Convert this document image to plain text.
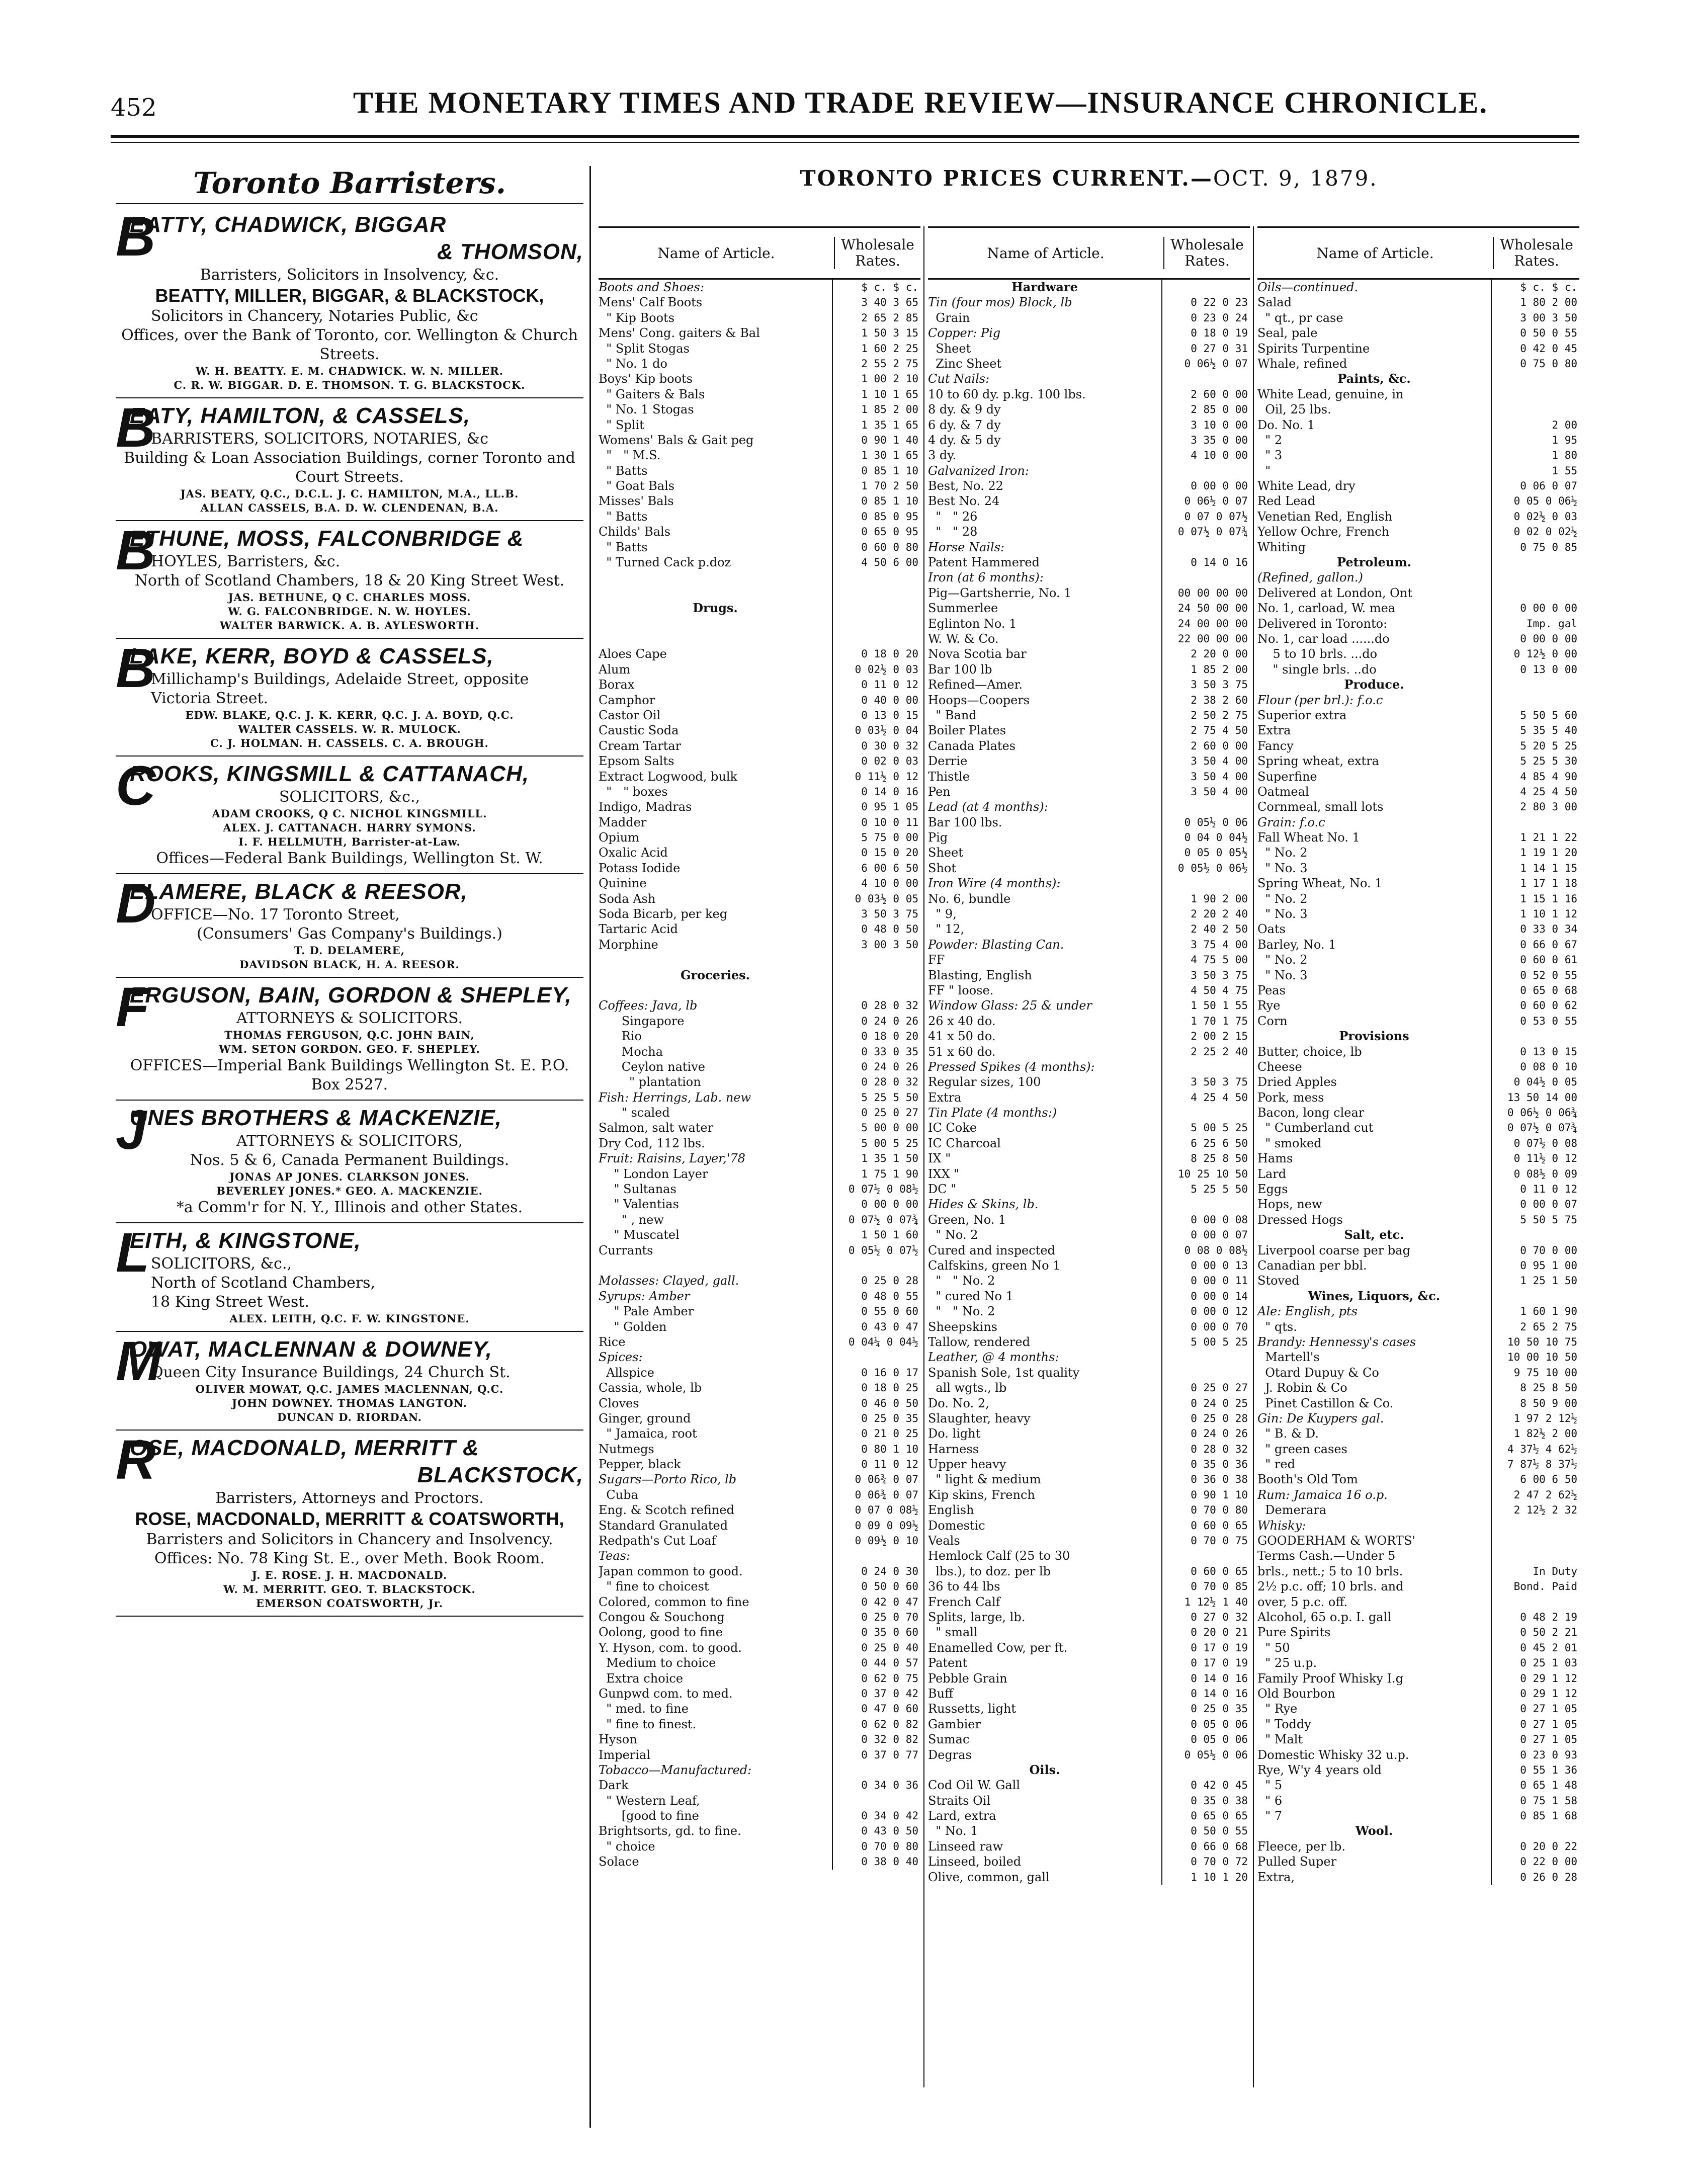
452	THE MONETARY TIMES AND TRADE REVIEW—INSURANCE CHRONICLE.
Toronto Barristers.
B
EATTY, CHADWICK, BIGGAR
& THOMSON,
Barristers, Solicitors in Insolvency, &c.
BEATTY, MILLER, BIGGAR, & BLACKSTOCK,
Solicitors in Chancery, Notaries Public, &c
Offices, over the Bank of Toronto, cor. Wellington & Church Streets.
W. H. BEATTY. E. M. CHADWICK. W. N. MILLER.
C. R. W. BIGGAR. D. E. THOMSON. T. G. BLACKSTOCK.
B
EATY, HAMILTON, & CASSELS,
BARRISTERS, SOLICITORS, NOTARIES, &c
Building & Loan Association Buildings, corner Toronto and Court Streets.
JAS. BEATY, Q.C., D.C.L. J. C. HAMILTON, M.A., LL.B.
ALLAN CASSELS, B.A. D. W. CLENDENAN, B.A.
B
ETHUNE, MOSS, FALCONBRIDGE &
HOYLES, Barristers, &c.
North of Scotland Chambers, 18 & 20 King Street West.
JAS. BETHUNE, Q C. CHARLES MOSS.
W. G. FALCONBRIDGE. N. W. HOYLES.
WALTER BARWICK. A. B. AYLESWORTH.
B
LAKE, KERR, BOYD & CASSELS,
Millichamp's Buildings, Adelaide Street, opposite Victoria Street.
EDW. BLAKE, Q.C. J. K. KERR, Q.C. J. A. BOYD, Q.C.
WALTER CASSELS. W. R. MULOCK.
C. J. HOLMAN. H. CASSELS. C. A. BROUGH.
C
ROOKS, KINGSMILL & CATTANACH,
SOLICITORS, &c.,
ADAM CROOKS, Q C. NICHOL KINGSMILL.
ALEX. J. CATTANACH. HARRY SYMONS.
I. F. HELLMUTH, Barrister-at-Law.
Offices—Federal Bank Buildings, Wellington St. W.
D
ELAMERE, BLACK & REESOR,
OFFICE—No. 17 Toronto Street,
(Consumers' Gas Company's Buildings.)
T. D. DELAMERE,
DAVIDSON BLACK, H. A. REESOR.
F
ERGUSON, BAIN, GORDON & SHEPLEY,
ATTORNEYS & SOLICITORS.
THOMAS FERGUSON, Q.C. JOHN BAIN,
WM. SETON GORDON. GEO. F. SHEPLEY.
OFFICES—Imperial Bank Buildings Wellington St. E. P.O. Box 2527.
J
ONES BROTHERS & MACKENZIE,
ATTORNEYS & SOLICITORS,
Nos. 5 & 6, Canada Permanent Buildings.
JONAS AP JONES. CLARKSON JONES.
BEVERLEY JONES.* GEO. A. MACKENZIE.
*a Comm'r for N. Y., Illinois and other States.
L
EITH, & KINGSTONE,
SOLICITORS, &c.,
North of Scotland Chambers,
18 King Street West.
ALEX. LEITH, Q.C. F. W. KINGSTONE.
M
OWAT, MACLENNAN & DOWNEY,
Queen City Insurance Buildings, 24 Church St.
OLIVER MOWAT, Q.C. JAMES MACLENNAN, Q.C.
JOHN DOWNEY. THOMAS LANGTON.
DUNCAN D. RIORDAN.
R
OSE, MACDONALD, MERRITT &
BLACKSTOCK,
Barristers, Attorneys and Proctors.
ROSE, MACDONALD, MERRITT & COATSWORTH,
Barristers and Solicitors in Chancery and Insolvency.
Offices: No. 78 King St. E., over Meth. Book Room.
J. E. ROSE. J. H. MACDONALD.
W. M. MERRITT. GEO. T. BLACKSTOCK.
EMERSON COATSWORTH, Jr.
TORONTO PRICES CURRENT.—OCT. 9, 1879.
Name of Article.	Wholesale Rates.
Boots and Shoes:	$ c. $ c.
Mens' Calf Boots	3 40 3 65
" Kip Boots	2 65 2 85
Mens' Cong. gaiters & Bal	1 50 3 15
" Split Stogas	1 60 2 25
" No. 1 do	2 55 2 75
Boys' Kip boots	1 00 2 10
" Gaiters & Bals	1 10 1 65
" No. 1 Stogas	1 85 2 00
" Split	1 35 1 65
Womens' Bals & Gait peg	0 90 1 40
"   " M.S.	1 30 1 65
" Batts	0 85 1 10
" Goat Bals	1 70 2 50
Misses' Bals	0 85 1 10
" Batts	0 85 0 95
Childs' Bals	0 65 0 95
" Batts	0 60 0 80
" Turned Cack p.doz	4 50 6 00
Drugs.
Aloes Cape	0 18 0 20
Alum	0 02½ 0 03
Borax	0 11 0 12
Camphor	0 40 0 00
Castor Oil	0 13 0 15
Caustic Soda	0 03½ 0 04
Cream Tartar	0 30 0 32
Epsom Salts	0 02 0 03
Extract Logwood, bulk	0 11½ 0 12
"   " boxes	0 14 0 16
Indigo, Madras	0 95 1 05
Madder	0 10 0 11
Opium	5 75 0 00
Oxalic Acid	0 15 0 20
Potass Iodide	6 00 6 50
Quinine	4 10 0 00
Soda Ash	0 03½ 0 05
Soda Bicarb, per keg	3 50 3 75
Tartaric Acid	0 48 0 50
Morphine	3 00 3 50
Groceries.
Coffees: Java, lb	0 28 0 32
Singapore	0 24 0 26
Rio	0 18 0 20
Mocha	0 33 0 35
Ceylon native	0 24 0 26
" plantation	0 28 0 32
Fish: Herrings, Lab. new	5 25 5 50
" scaled	0 25 0 27
Salmon, salt water	5 00 0 00
Dry Cod, 112 lbs.	5 00 5 25
Fruit: Raisins, Layer,'78	1 35 1 50
" London Layer	1 75 1 90
" Sultanas	0 07½ 0 08½
" Valentias	0 00 0 00
" , new	0 07½ 0 07¾
" Muscatel	1 50 1 60
Currants	0 05½ 0 07½
Molasses: Clayed, gall.	0 25 0 28
Syrups: Amber	0 48 0 55
" Pale Amber	0 55 0 60
" Golden	0 43 0 47
Rice	0 04¼ 0 04½
Spices:
Allspice	0 16 0 17
Cassia, whole, lb	0 18 0 25
Cloves	0 46 0 50
Ginger, ground	0 25 0 35
" Jamaica, root	0 21 0 25
Nutmegs	0 80 1 10
Pepper, black	0 11 0 12
Sugars—Porto Rico, lb	0 06¾ 0 07
Cuba	0 06¾ 0 07
Eng. & Scotch refined	0 07 0 08½
Standard Granulated	0 09 0 09½
Redpath's Cut Loaf	0 09½ 0 10
Teas:
Japan common to good.	0 24 0 30
" fine to choicest	0 50 0 60
Colored, common to fine	0 42 0 47
Congou & Souchong	0 25 0 70
Oolong, good to fine	0 35 0 60
Y. Hyson, com. to good.	0 25 0 40
Medium to choice	0 44 0 57
Extra choice	0 62 0 75
Gunpwd com. to med.	0 37 0 42
" med. to fine	0 47 0 60
" fine to finest.	0 62 0 82
Hyson	0 32 0 82
Imperial	0 37 0 77
Tobacco—Manufactured:
Dark	0 34 0 36
" Western Leaf,
[good to fine	0 34 0 42
Brightsorts, gd. to fine.	0 43 0 50
" choice	0 70 0 80
Solace	0 38 0 40
Name of Article.	Wholesale Rates.
Hardware
Tin (four mos) Block, lb	0 22 0 23
Grain	0 23 0 24
Copper: Pig	0 18 0 19
Sheet	0 27 0 31
Zinc Sheet	0 06½ 0 07
Cut Nails:
10 to 60 dy. p.kg. 100 lbs.	2 60 0 00
8 dy. & 9 dy	2 85 0 00
6 dy. & 7 dy	3 10 0 00
4 dy. & 5 dy	3 35 0 00
3 dy.	4 10 0 00
Galvanized Iron:
Best, No. 22	0 00 0 00
Best No. 24	0 06½ 0 07
"   " 26	0 07 0 07½
"   " 28	0 07½ 0 07¾
Horse Nails:
Patent Hammered	0 14 0 16
Iron (at 6 months):
Pig—Gartsherrie, No. 1	00 00 00 00
Summerlee	24 50 00 00
Eglinton No. 1	24 00 00 00
W. W. & Co.	22 00 00 00
Nova Scotia bar	2 20 0 00
Bar 100 lb	1 85 2 00
Refined—Amer.	3 50 3 75
Hoops—Coopers	2 38 2 60
" Band	2 50 2 75
Boiler Plates	2 75 4 50
Canada Plates	2 60 0 00
Derrie	3 50 4 00
Thistle	3 50 4 00
Pen	3 50 4 00
Lead (at 4 months):
Bar 100 lbs.	0 05½ 0 06
Pig	0 04 0 04½
Sheet	0 05 0 05½
Shot	0 05½ 0 06½
Iron Wire (4 months):
No. 6, bundle	1 90 2 00
" 9,	2 20 2 40
" 12,	2 40 2 50
Powder: Blasting Can.	3 75 4 00
FF	4 75 5 00
Blasting, English	3 50 3 75
FF " loose.	4 50 4 75
Window Glass: 25 & under	1 50 1 55
26 x 40 do.	1 70 1 75
41 x 50 do.	2 00 2 15
51 x 60 do.	2 25 2 40
Pressed Spikes (4 months):
Regular sizes, 100	3 50 3 75
Extra	4 25 4 50
Tin Plate (4 months:)
IC Coke	5 00 5 25
IC Charcoal	6 25 6 50
IX "	8 25 8 50
IXX "	10 25 10 50
DC "	5 25 5 50
Hides & Skins, lb.
Green, No. 1	0 00 0 08
" No. 2	0 00 0 07
Cured and inspected	0 08 0 08½
Calfskins, green No 1	0 00 0 13
"   " No. 2	0 00 0 11
" cured No 1	0 00 0 14
"   " No. 2	0 00 0 12
Sheepskins	0 00 0 70
Tallow, rendered	5 00 5 25
Leather, @ 4 months:
Spanish Sole, 1st quality
all wgts., lb	0 25 0 27
Do. No. 2,	0 24 0 25
Slaughter, heavy	0 25 0 28
Do. light	0 24 0 26
Harness	0 28 0 32
Upper heavy	0 35 0 36
" light & medium	0 36 0 38
Kip skins, French	0 90 1 10
English	0 70 0 80
Domestic	0 60 0 65
Veals	0 70 0 75
Hemlock Calf (25 to 30
lbs.), to doz. per lb	0 60 0 65
36 to 44 lbs	0 70 0 85
French Calf	1 12½ 1 40
Splits, large, lb.	0 27 0 32
" small	0 20 0 21
Enamelled Cow, per ft.	0 17 0 19
Patent	0 17 0 19
Pebble Grain	0 14 0 16
Buff	0 14 0 16
Russetts, light	0 25 0 35
Gambier	0 05 0 06
Sumac	0 05 0 06
Degras	0 05½ 0 06
Oils.
Cod Oil W. Gall	0 42 0 45
Straits Oil	0 35 0 38
Lard, extra	0 65 0 65
" No. 1	0 50 0 55
Linseed raw	0 66 0 68
Linseed, boiled	0 70 0 72
Olive, common, gall	1 10 1 20
Name of Article.	Wholesale Rates.
Oils—continued.	$ c. $ c.
Salad	1 80 2 00
" qt., pr case	3 00 3 50
Seal, pale	0 50 0 55
Spirits Turpentine	0 42 0 45
Whale, refined	0 75 0 80
Paints, &c.
White Lead, genuine, in
Oil, 25 lbs.
Do. No. 1	2 00
" 2	1 95
" 3	1 80
"	1 55
White Lead, dry	0 06 0 07
Red Lead	0 05 0 06½
Venetian Red, English	0 02½ 0 03
Yellow Ochre, French	0 02 0 02½
Whiting	0 75 0 85
Petroleum.
(Refined, gallon.)
Delivered at London, Ont
No. 1, carload, W. mea	0 00 0 00
Delivered in Toronto:	Imp. gal
No. 1, car load ......do	0 00 0 00
5 to 10 brls. ...do	0 12½ 0 00
" single brls. ..do	0 13 0 00
Produce.
Flour (per brl.): f.o.c
Superior extra	5 50 5 60
Extra	5 35 5 40
Fancy	5 20 5 25
Spring wheat, extra	5 25 5 30
Superfine	4 85 4 90
Oatmeal	4 25 4 50
Cornmeal, small lots	2 80 3 00
Grain: f.o.c
Fall Wheat No. 1	1 21 1 22
" No. 2	1 19 1 20
" No. 3	1 14 1 15
Spring Wheat, No. 1	1 17 1 18
" No. 2	1 15 1 16
" No. 3	1 10 1 12
Oats	0 33 0 34
Barley, No. 1	0 66 0 67
" No. 2	0 60 0 61
" No. 3	0 52 0 55
Peas	0 65 0 68
Rye	0 60 0 62
Corn	0 53 0 55
Provisions
Butter, choice, lb	0 13 0 15
Cheese	0 08 0 10
Dried Apples	0 04½ 0 05
Pork, mess	13 50 14 00
Bacon, long clear	0 06½ 0 06¾
" Cumberland cut	0 07½ 0 07¾
" smoked	0 07½ 0 08
Hams	0 11½ 0 12
Lard	0 08½ 0 09
Eggs	0 11 0 12
Hops, new	0 00 0 07
Dressed Hogs	5 50 5 75
Salt, etc.
Liverpool coarse per bag	0 70 0 00
Canadian per bbl.	0 95 1 00
Stoved	1 25 1 50
Wines, Liquors, &c.
Ale: English, pts	1 60 1 90
" qts.	2 65 2 75
Brandy: Hennessy's cases	10 50 10 75
Martell's	10 00 10 50
Otard Dupuy & Co	9 75 10 00
J. Robin & Co	8 25 8 50
Pinet Castillon & Co.	8 50 9 00
Gin: De Kuypers gal.	1 97 2 12½
" B. & D.	1 82½ 2 00
" green cases	4 37½ 4 62½
" red	7 87½ 8 37½
Booth's Old Tom	6 00 6 50
Rum: Jamaica 16 o.p.	2 47 2 62½
Demerara	2 12½ 2 32
Whisky:
GOODERHAM & WORTS'
Terms Cash.—Under 5
brls., nett.; 5 to 10 brls.	In Duty
2½ p.c. off; 10 brls. and	Bond. Paid
over, 5 p.c. off.
Alcohol, 65 o.p. I. gall	0 48 2 19
Pure Spirits	0 50 2 21
" 50	0 45 2 01
" 25 u.p.	0 25 1 03
Family Proof Whisky I.g	0 29 1 12
Old Bourbon	0 29 1 12
" Rye	0 27 1 05
" Toddy	0 27 1 05
" Malt	0 27 1 05
Domestic Whisky 32 u.p.	0 23 0 93
Rye, W'y 4 years old	0 55 1 36
" 5	0 65 1 48
" 6	0 75 1 58
" 7	0 85 1 68
Wool.
Fleece, per lb.	0 20 0 22
Pulled Super	0 22 0 00
Extra,	0 26 0 28
